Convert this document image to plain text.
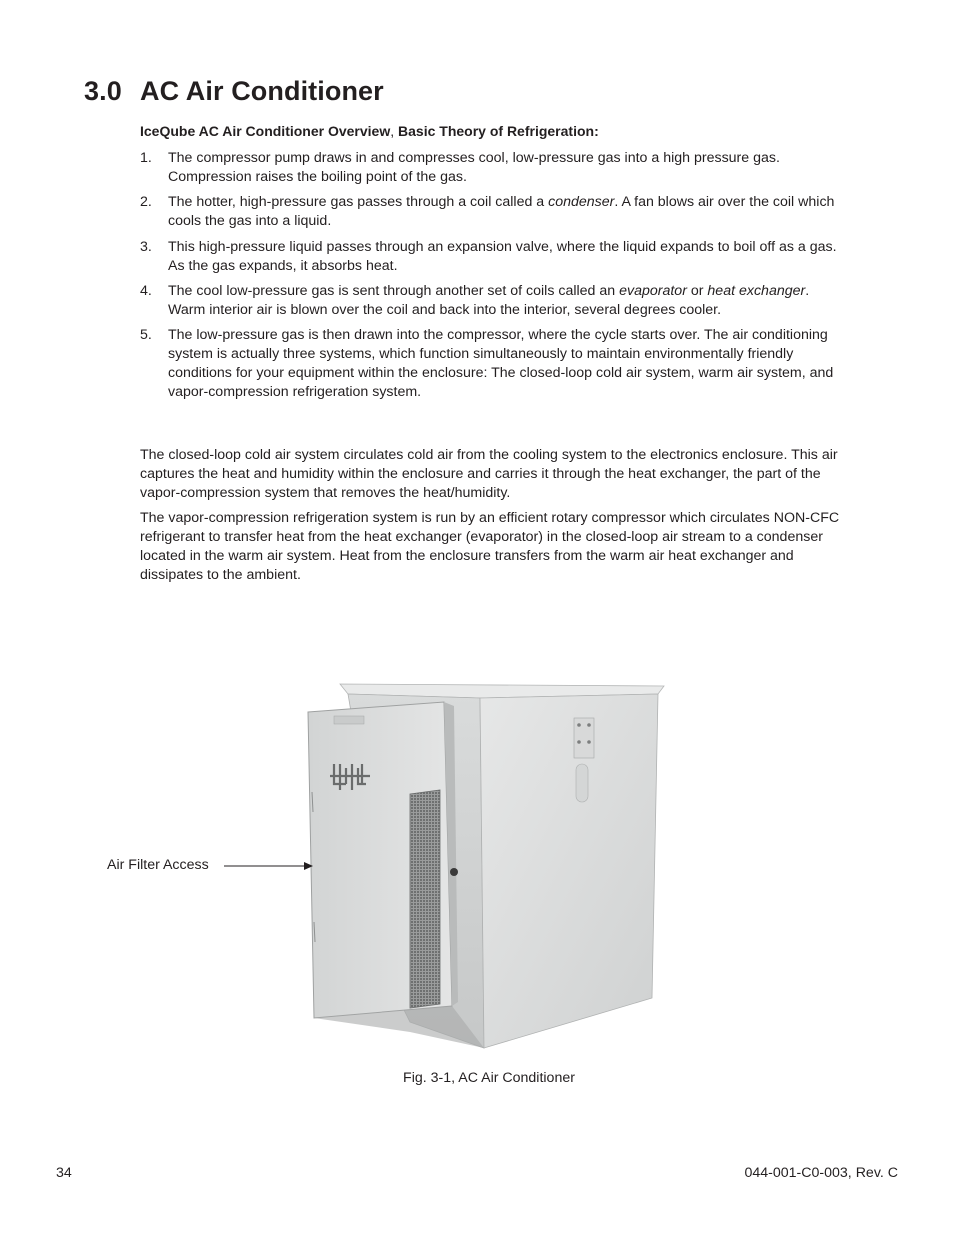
3.0 AC Air Conditioner
IceQube AC Air Conditioner Overview, Basic Theory of Refrigeration:
1. The compressor pump draws in and compresses cool, low-pressure gas into a high pressure gas. Compression raises the boiling point of the gas.
2. The hotter, high-pressure gas passes through a coil called a condenser. A fan blows air over the coil which cools the gas into a liquid.
3. This high-pressure liquid passes through an expansion valve, where the liquid expands to boil off as a gas. As the gas expands, it absorbs heat.
4. The cool low-pressure gas is sent through another set of coils called an evaporator or heat exchanger. Warm interior air is blown over the coil and back into the interior, several degrees cooler.
5. The low-pressure gas is then drawn into the compressor, where the cycle starts over. The air conditioning system is actually three systems, which function simultaneously to maintain environmentally friendly conditions for your equipment within the enclosure: The closed-loop cold air system, warm air system, and vapor-compression refrigeration system.

The closed-loop cold air system circulates cold air from the cooling system to the electronics enclosure. This air captures the heat and humidity within the enclosure and carries it through the heat exchanger, the part of the vapor-compression system that removes the heat/humidity.

The vapor-compression refrigeration system is run by an efficient rotary compressor which circulates NON-CFC refrigerant to transfer heat from the heat exchanger (evaporator) in the closed-loop air stream to a condenser located in the warm air system. Heat from the enclosure transfers from the warm air heat exchanger and dissipates to the ambient.

Air Filter Access
Fig. 3-1, AC Air Conditioner
34	044-001-C0-003, Rev. C
